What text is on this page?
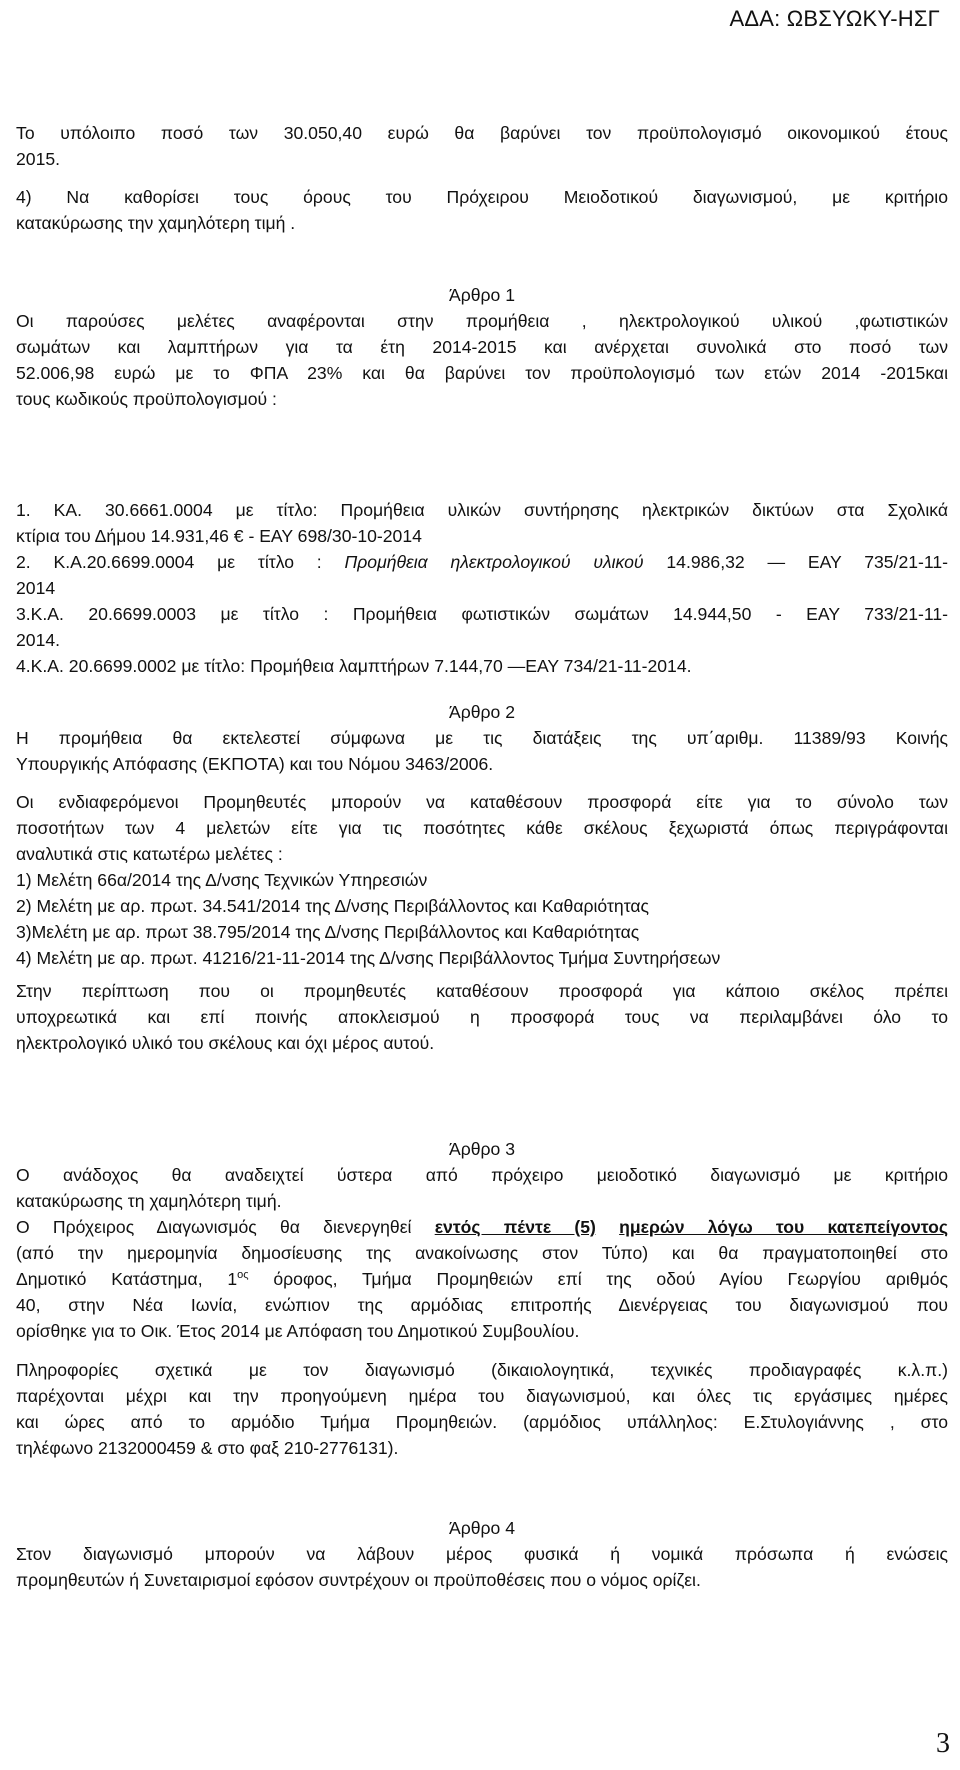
ΑΔΑ: ΩΒΣΥΩΚΥ-ΗΣΓ
Το υπόλοιπο ποσό των 30.050,40 ευρώ θα βαρύνει τον προϋπολογισμό οικονομικού έτους
2015.
4) Να καθορίσει τους όρους του Πρόχειρου Μειοδοτικού διαγωνισμού, με κριτήριο
κατακύρωσης την χαμηλότερη τιμή .
Άρθρο 1
Οι παρούσες μελέτες αναφέρονται στην προμήθεια , ηλεκτρολογικού υλικού ,φωτιστικών
σωμάτων και λαμπτήρων για τα έτη 2014-2015 και ανέρχεται συνολικά στο ποσό των
52.006,98 ευρώ με το ΦΠΑ 23% και θα βαρύνει τον προϋπολογισμό των ετών 2014 -2015και
τους κωδικούς προϋπολογισμού :
1. ΚΑ. 30.6661.0004 με τίτλο: Προμήθεια υλικών συντήρησης ηλεκτρικών δικτύων στα Σχολικά
κτίρια του Δήμου 14.931,46 € - ΕΑΥ 698/30-10-2014
2. Κ.Α.20.6699.0004 με τίτλο : Προμήθεια ηλεκτρολογικού υλικού 14.986,32 — ΕΑΥ 735/21-11-
2014
3.Κ.Α. 20.6699.0003 με τίτλο : Προμήθεια φωτιστικών σωμάτων 14.944,50 - ΕΑΥ 733/21-11-
2014.
4.Κ.Α. 20.6699.0002 με τίτλο: Προμήθεια λαμπτήρων 7.144,70 —ΕΑΥ 734/21-11-2014.
Άρθρο 2
Η προμήθεια θα εκτελεστεί σύμφωνα με τις διατάξεις της υπ΄αριθμ. 11389/93 Κοινής
Υπουργικής Απόφασης (ΕΚΠΟΤΑ) και του Νόμου 3463/2006.
Οι ενδιαφερόμενοι Προμηθευτές μπορούν να καταθέσουν προσφορά είτε για το σύνολο των
ποσοτήτων των 4 μελετών είτε για τις ποσότητες κάθε σκέλους ξεχωριστά όπως περιγράφονται
αναλυτικά στις κατωτέρω μελέτες :
1) Μελέτη 66α/2014 της Δ/νσης Τεχνικών Υπηρεσιών
2) Μελέτη με αρ. πρωτ. 34.541/2014 της Δ/νσης Περιβάλλοντος και Καθαριότητας
3)Μελέτη με αρ. πρωτ 38.795/2014 της Δ/νσης Περιβάλλοντος και Καθαριότητας
4) Μελέτη με αρ. πρωτ. 41216/21-11-2014 της Δ/νσης Περιβάλλοντος Τμήμα Συντηρήσεων
Στην περίπτωση που οι προμηθευτές καταθέσουν προσφορά για κάποιο σκέλος πρέπει
υποχρεωτικά και επί ποινής αποκλεισμού η προσφορά τους να περιλαμβάνει όλο το
ηλεκτρολογικό υλικό του σκέλους και όχι μέρος αυτού.
Άρθρο 3
Ο ανάδοχος θα αναδειχτεί ύστερα από πρόχειρο μειοδοτικό διαγωνισμό με κριτήριο
κατακύρωσης τη χαμηλότερη τιμή.
Ο Πρόχειρος Διαγωνισμός θα διενεργηθεί εντός πέντε (5) ημερών λόγω του κατεπείγοντος
(από την ημερομηνία δημοσίευσης της ανακοίνωσης στον Τύπο) και θα πραγματοποιηθεί στο
Δημοτικό Κατάστημα, $1^{o\varsigma}$ όροφος, Τμήμα Προμηθειών επί της οδού Αγίου Γεωργίου αριθμός
40, στην Νέα Ιωνία, ενώπιον της αρμόδιας επιτροπής Διενέργειας του διαγωνισμού που
ορίσθηκε για το Οικ. Έτος 2014 με Απόφαση του Δημοτικού Συμβουλίου.
Πληροφορίες σχετικά με τον διαγωνισμό (δικαιολογητικά, τεχνικές προδιαγραφές κ.λ.π.)
παρέχονται μέχρι και την προηγούμενη ημέρα του διαγωνισμού, και όλες τις εργάσιμες ημέρες
και ώρες από το αρμόδιο Τμήμα Προμηθειών. (αρμόδιος υπάλληλος: Ε.Στυλογιάννης , στο
τηλέφωνο 2132000459 & στο φαξ 210-2776131).
Άρθρο 4
Στον διαγωνισμό μπορούν να λάβουν μέρος φυσικά ή νομικά πρόσωπα ή ενώσεις
προμηθευτών ή Συνεταιρισμοί εφόσον συντρέχουν οι προϋποθέσεις που ο νόμος ορίζει.
3
